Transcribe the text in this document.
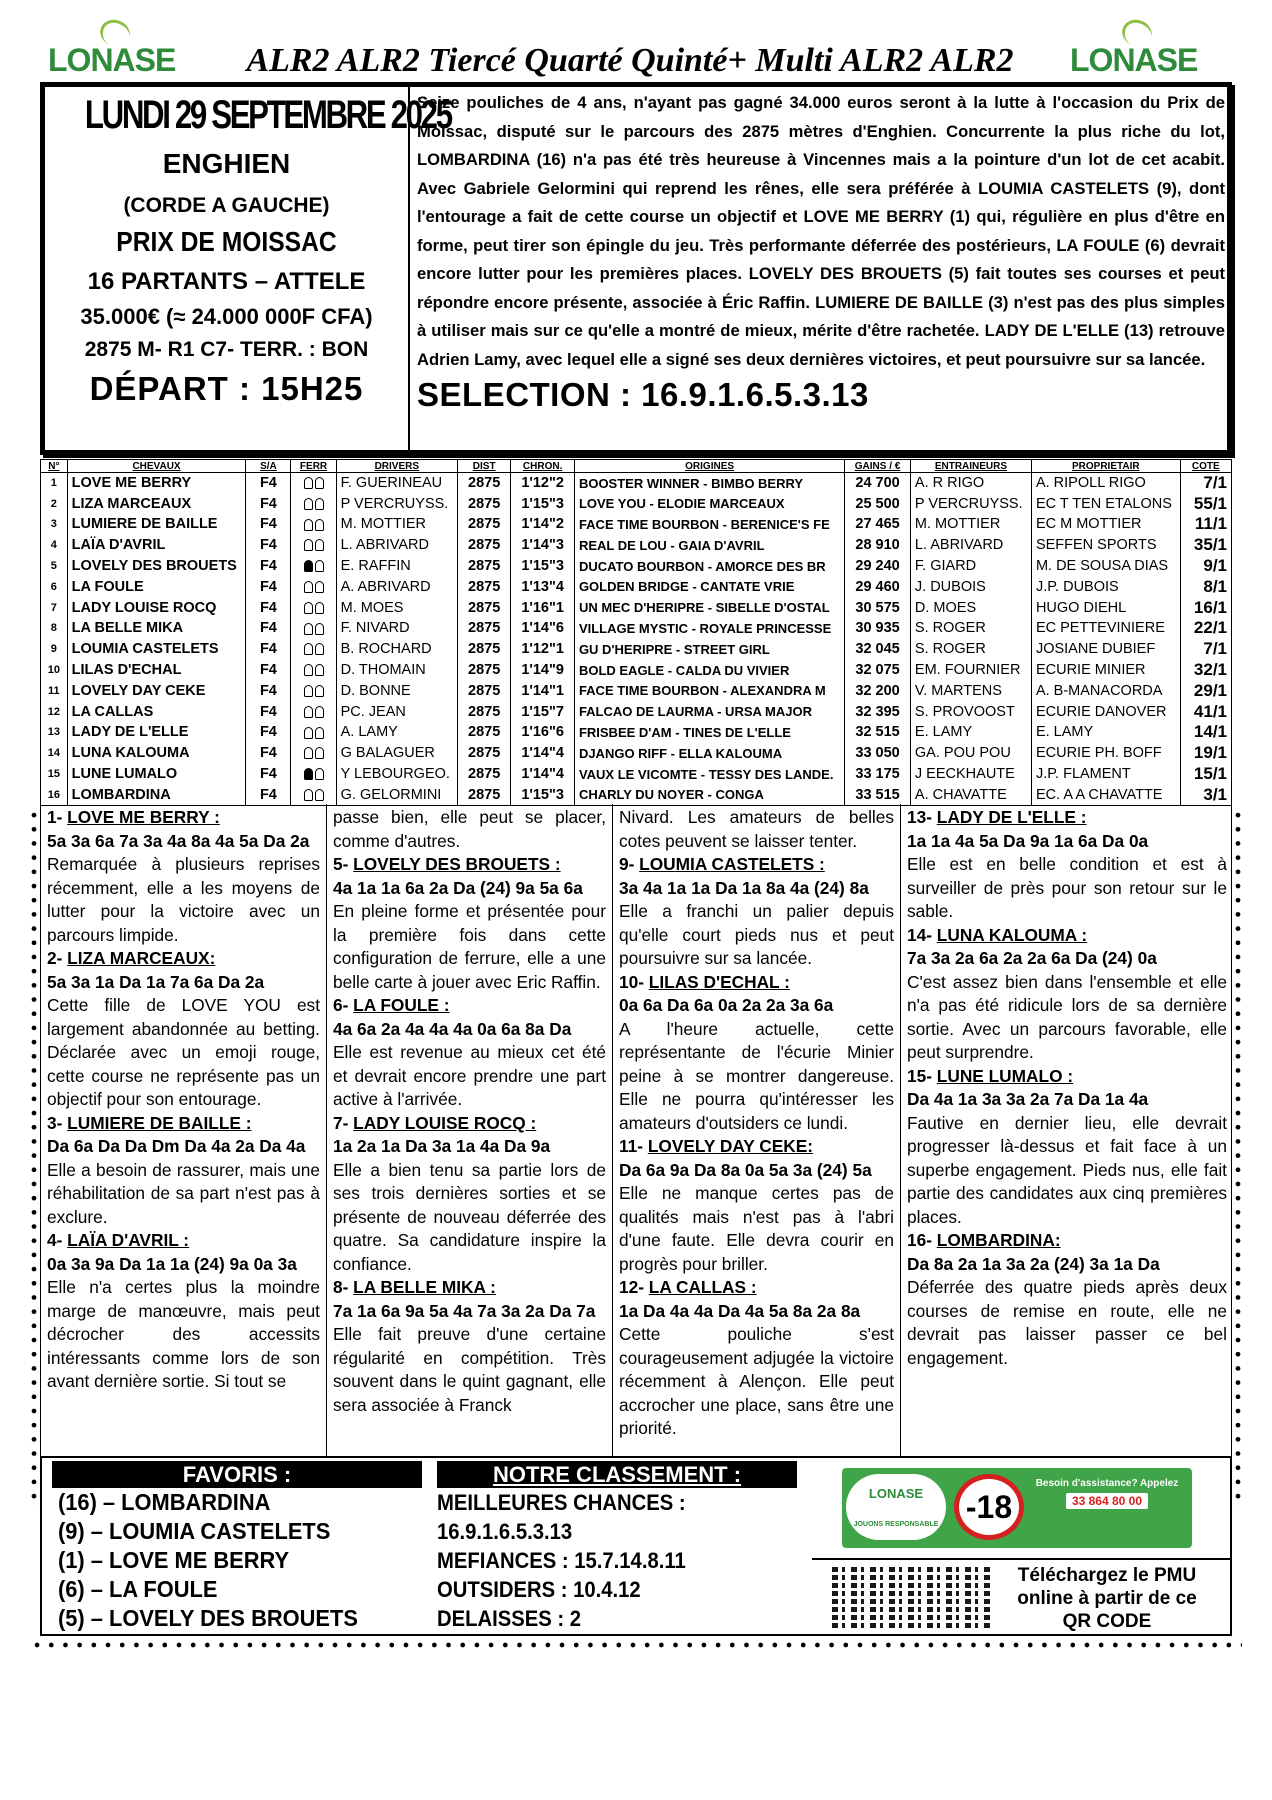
LONASE	ALR2 ALR2 Tiercé Quarté Quinté+ Multi ALR2 ALR2	LONASE
LUNDI 29 SEPTEMBRE 2025
ENGHIEN
(CORDE A GAUCHE)
PRIX DE MOISSAC
16 PARTANTS – ATTELE
35.000€ (≈ 24.000 000F CFA)
2875 M- R1 C7- TERR. : BON
DÉPART : 15H25
Seize pouliches de 4 ans, n'ayant pas gagné 34.000 euros seront à la lutte à l'occasion du Prix de Moissac, disputé sur le parcours des 2875 mètres d'Enghien. Concurrente la plus riche du lot, LOMBARDINA (16) n'a pas été très heureuse à Vincennes mais a la pointure d'un lot de cet acabit. Avec Gabriele Gelormini qui reprend les rênes, elle sera préférée à LOUMIA CASTELETS (9), dont l'entourage a fait de cette course un objectif et LOVE ME BERRY (1) qui, régulière en plus d'être en forme, peut tirer son épingle du jeu. Très performante déferrée des postérieurs, LA FOULE (6) devrait encore lutter pour les premières places. LOVELY DES BROUETS (5) fait toutes ses courses et peut répondre encore présente, associée à Éric Raffin. LUMIERE DE BAILLE (3) n'est pas des plus simples à utiliser mais sur ce qu'elle a montré de mieux, mérite d'être rachetée. LADY DE L'ELLE (13) retrouve Adrien Lamy, avec lequel elle a signé ses deux dernières victoires, et peut poursuivre sur sa lancée.
SELECTION : 16.9.1.6.5.3.13
N°	CHEVAUX	S/A	FERR	DRIVERS	DIST	CHRON.	ORIGINES	GAINS / €	ENTRAINEURS	PROPRIETAIR	COTE
1	LOVE ME BERRY	F4		F. GUERINEAU	2875	1'12"2	BOOSTER WINNER - BIMBO BERRY	24 700	A. R RIGO	A. RIPOLL RIGO	7/1
2	LIZA MARCEAUX	F4		P VERCRUYSS.	2875	1'15"3	LOVE YOU - ELODIE MARCEAUX	25 500	P VERCRUYSS.	EC T TEN ETALONS	55/1
3	LUMIERE DE BAILLE	F4		M. MOTTIER	2875	1'14"2	FACE TIME BOURBON - BERENICE'S FE	27 465	M. MOTTIER	EC M MOTTIER	11/1
4	LAÏA D'AVRIL	F4		L. ABRIVARD	2875	1'14"3	REAL DE LOU - GAIA D'AVRIL	28 910	L. ABRIVARD	SEFFEN SPORTS	35/1
5	LOVELY DES BROUETS	F4		E. RAFFIN	2875	1'15"3	DUCATO BOURBON - AMORCE DES BR	29 240	F. GIARD	M. DE SOUSA DIAS	9/1
6	LA FOULE	F4		A. ABRIVARD	2875	1'13"4	GOLDEN BRIDGE - CANTATE VRIE	29 460	J. DUBOIS	J.P. DUBOIS	8/1
7	LADY LOUISE ROCQ	F4		M. MOES	2875	1'16"1	UN MEC D'HERIPRE - SIBELLE D'OSTAL	30 575	D. MOES	HUGO DIEHL	16/1
8	LA BELLE MIKA	F4		F. NIVARD	2875	1'14"6	VILLAGE MYSTIC - ROYALE PRINCESSE	30 935	S. ROGER	EC PETTEVINIERE	22/1
9	LOUMIA CASTELETS	F4		B. ROCHARD	2875	1'12"1	GU D'HERIPRE - STREET GIRL	32 045	S. ROGER	JOSIANE DUBIEF	7/1
10	LILAS D'ECHAL	F4		D. THOMAIN	2875	1'14"9	BOLD EAGLE - CALDA DU VIVIER	32 075	EM. FOURNIER	ECURIE MINIER	32/1
11	LOVELY DAY CEKE	F4		D. BONNE	2875	1'14"1	FACE TIME BOURBON - ALEXANDRA M	32 200	V. MARTENS	A. B-MANACORDA	29/1
12	LA CALLAS	F4		PC. JEAN	2875	1'15"7	FALCAO DE LAURMA - URSA MAJOR	32 395	S. PROVOOST	ECURIE DANOVER	41/1
13	LADY DE L'ELLE	F4		A. LAMY	2875	1'16"6	FRISBEE D'AM - TINES DE L'ELLE	32 515	E. LAMY	E. LAMY	14/1
14	LUNA KALOUMA	F4		G BALAGUER	2875	1'14"4	DJANGO RIFF - ELLA KALOUMA	33 050	GA. POU POU	ECURIE PH. BOFF	19/1
15	LUNE LUMALO	F4		Y LEBOURGEO.	2875	1'14"4	VAUX LE VICOMTE - TESSY DES LANDE.	33 175	J EECKHAUTE	J.P. FLAMENT	15/1
16	LOMBARDINA	F4		G. GELORMINI	2875	1'15"3	CHARLY DU NOYER - CONGA	33 515	A. CHAVATTE	EC. A A CHAVATTE	3/1
1- LOVE ME BERRY :
5a 3a 6a 7a 3a 4a 8a 4a 5a Da 2a
Remarquée à plusieurs reprises récemment, elle a les moyens de lutter pour la victoire avec un parcours limpide.
2- LIZA MARCEAUX:
5a 3a 1a Da 1a 7a 6a Da 2a
Cette fille de LOVE YOU est largement abandonnée au betting. Déclarée avec un emoji rouge, cette course ne représente pas un objectif pour son entourage.
3- LUMIERE DE BAILLE :
Da 6a Da Da Dm Da 4a 2a Da 4a
Elle a besoin de rassurer, mais une réhabilitation de sa part n'est pas à exclure.
4- LAÏA D'AVRIL :
0a 3a 9a Da 1a 1a (24) 9a 0a 3a
Elle n'a certes plus la moindre marge de manœuvre, mais peut décrocher des accessits intéressants comme lors de son avant dernière sortie. Si tout se
passe bien, elle peut se placer, comme d'autres.
5- LOVELY DES BROUETS :
4a 1a 1a 6a 2a Da (24) 9a 5a 6a
En pleine forme et présentée pour la première fois dans cette configuration de ferrure, elle a une belle carte à jouer avec Eric Raffin.
6- LA FOULE :
4a 6a 2a 4a 4a 4a 0a 6a 8a Da
Elle est revenue au mieux cet été et devrait encore prendre une part active à l'arrivée.
7- LADY LOUISE ROCQ :
1a 2a 1a Da 3a 1a 4a Da 9a
Elle a bien tenu sa partie lors de ses trois dernières sorties et se présente de nouveau déferrée des quatre. Sa candidature inspire la confiance.
8- LA BELLE MIKA :
7a 1a 6a 9a 5a 4a 7a 3a 2a Da 7a
Elle fait preuve d'une certaine régularité en compétition. Très souvent dans le quint gagnant, elle sera associée à Franck
Nivard. Les amateurs de belles cotes peuvent se laisser tenter.
9- LOUMIA CASTELETS :
3a 4a 1a 1a Da 1a 8a 4a (24) 8a
Elle a franchi un palier depuis qu'elle court pieds nus et peut poursuivre sur sa lancée.
10- LILAS D'ECHAL :
0a 6a Da 6a 0a 2a 2a 3a 6a
A l'heure actuelle, cette représentante de l'écurie Minier peine à se montrer dangereuse. Elle ne pourra qu'intéresser les amateurs d'outsiders ce lundi.
11- LOVELY DAY CEKE:
Da 6a 9a Da 8a 0a 5a 3a (24) 5a
Elle ne manque certes pas de qualités mais n'est pas à l'abri d'une faute. Elle devra courir en progrès pour briller.
12- LA CALLAS :
1a Da 4a 4a Da 4a 5a 8a 2a 8a
Cette pouliche s'est courageusement adjugée la victoire récemment à Alençon. Elle peut accrocher une place, sans être une priorité.
13- LADY DE L'ELLE :
1a 1a 4a 5a Da 9a 1a 6a Da 0a
Elle est en belle condition et est à surveiller de près pour son retour sur le sable.
14- LUNA KALOUMA :
7a 3a 2a 6a 2a 2a 6a Da (24) 0a
C'est assez bien dans l'ensemble et elle n'a pas été ridicule lors de sa dernière sortie. Avec un parcours favorable, elle peut surprendre.
15- LUNE LUMALO :
Da 4a 1a 3a 3a 2a 7a Da 1a 4a
Fautive en dernier lieu, elle devrait progresser là-dessus et fait face à un superbe engagement. Pieds nus, elle fait partie des candidates aux cinq premières places.
16- LOMBARDINA:
Da 8a 2a 1a 3a 2a (24) 3a 1a Da
Déferrée des quatre pieds après deux courses de remise en route, elle ne devrait pas laisser passer ce bel engagement.
FAVORIS :
(16) – LOMBARDINA
(9) – LOUMIA CASTELETS
(1) – LOVE ME BERRY
(6) – LA FOULE
(5) – LOVELY DES BROUETS
NOTRE CLASSEMENT :
MEILLEURES CHANCES :
16.9.1.6.5.3.13
MEFIANCES : 15.7.14.8.11
OUTSIDERS : 10.4.12
DELAISSES : 2
LONASE
JOUONS RESPONSABLE -18
Besoin d'assistance? Appelez
33 864 80 00
Téléchargez le PMU online à partir de ce QR CODE
